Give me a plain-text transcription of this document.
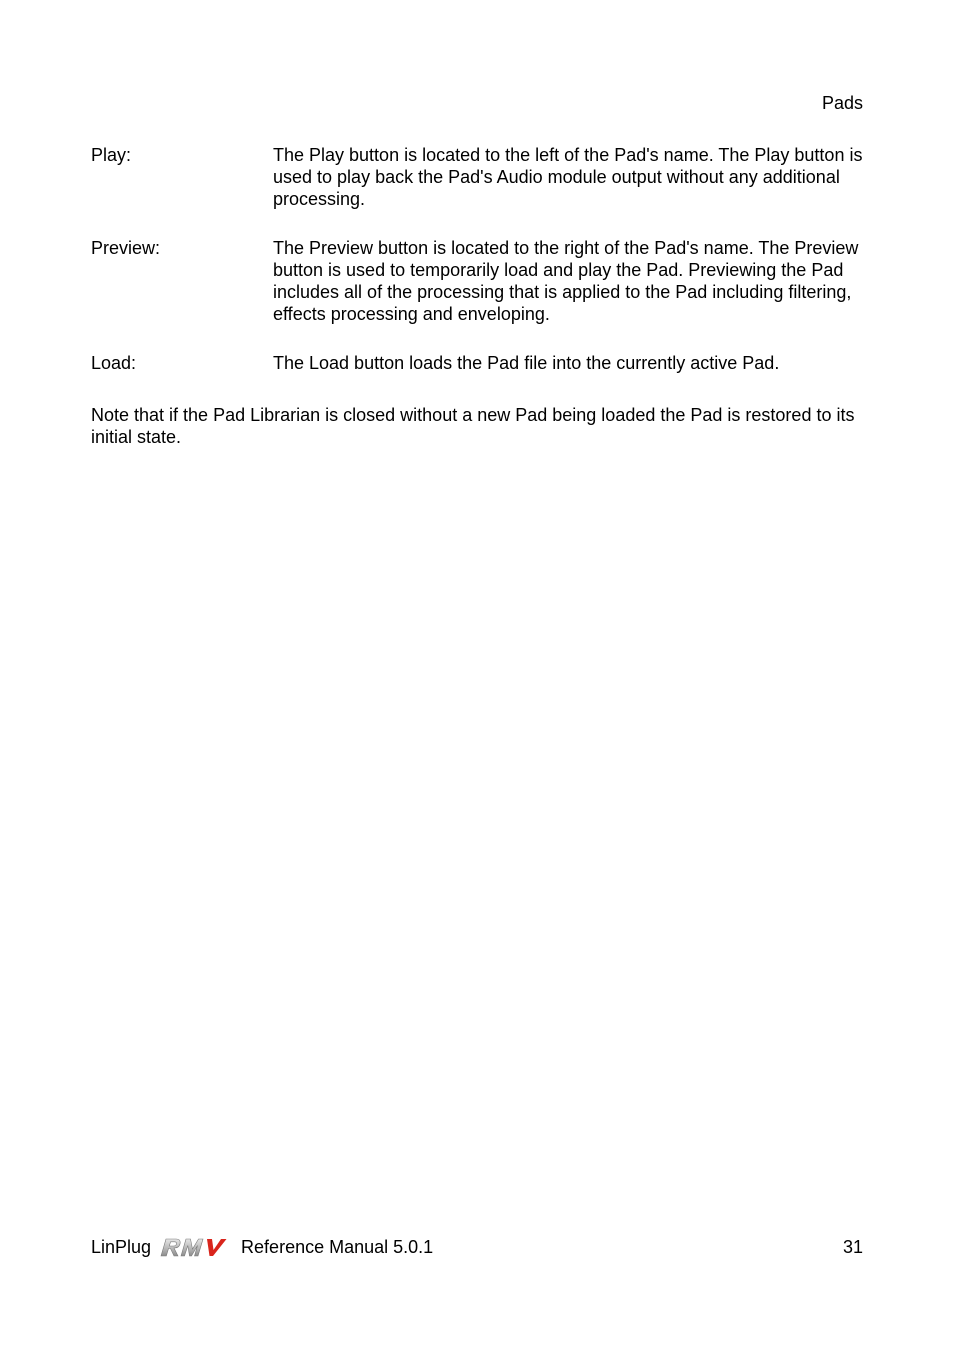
Pads
Play:	The Play button is located to the left of the Pad's name. The Play button is used to play back the Pad's Audio module output without any additional processing.
Preview:	The Preview button is located to the right of the Pad's name. The Preview button is used to temporarily load and play the Pad. Previewing the Pad includes all of the processing that is applied to the Pad including filtering, effects processing and enveloping.
Load:	The Load button loads the Pad file into the currently active Pad.
Note that if the Pad Librarian is closed without a new Pad being loaded the Pad is restored to its initial state.
LinPlug	Reference Manual 5.0.1	31
